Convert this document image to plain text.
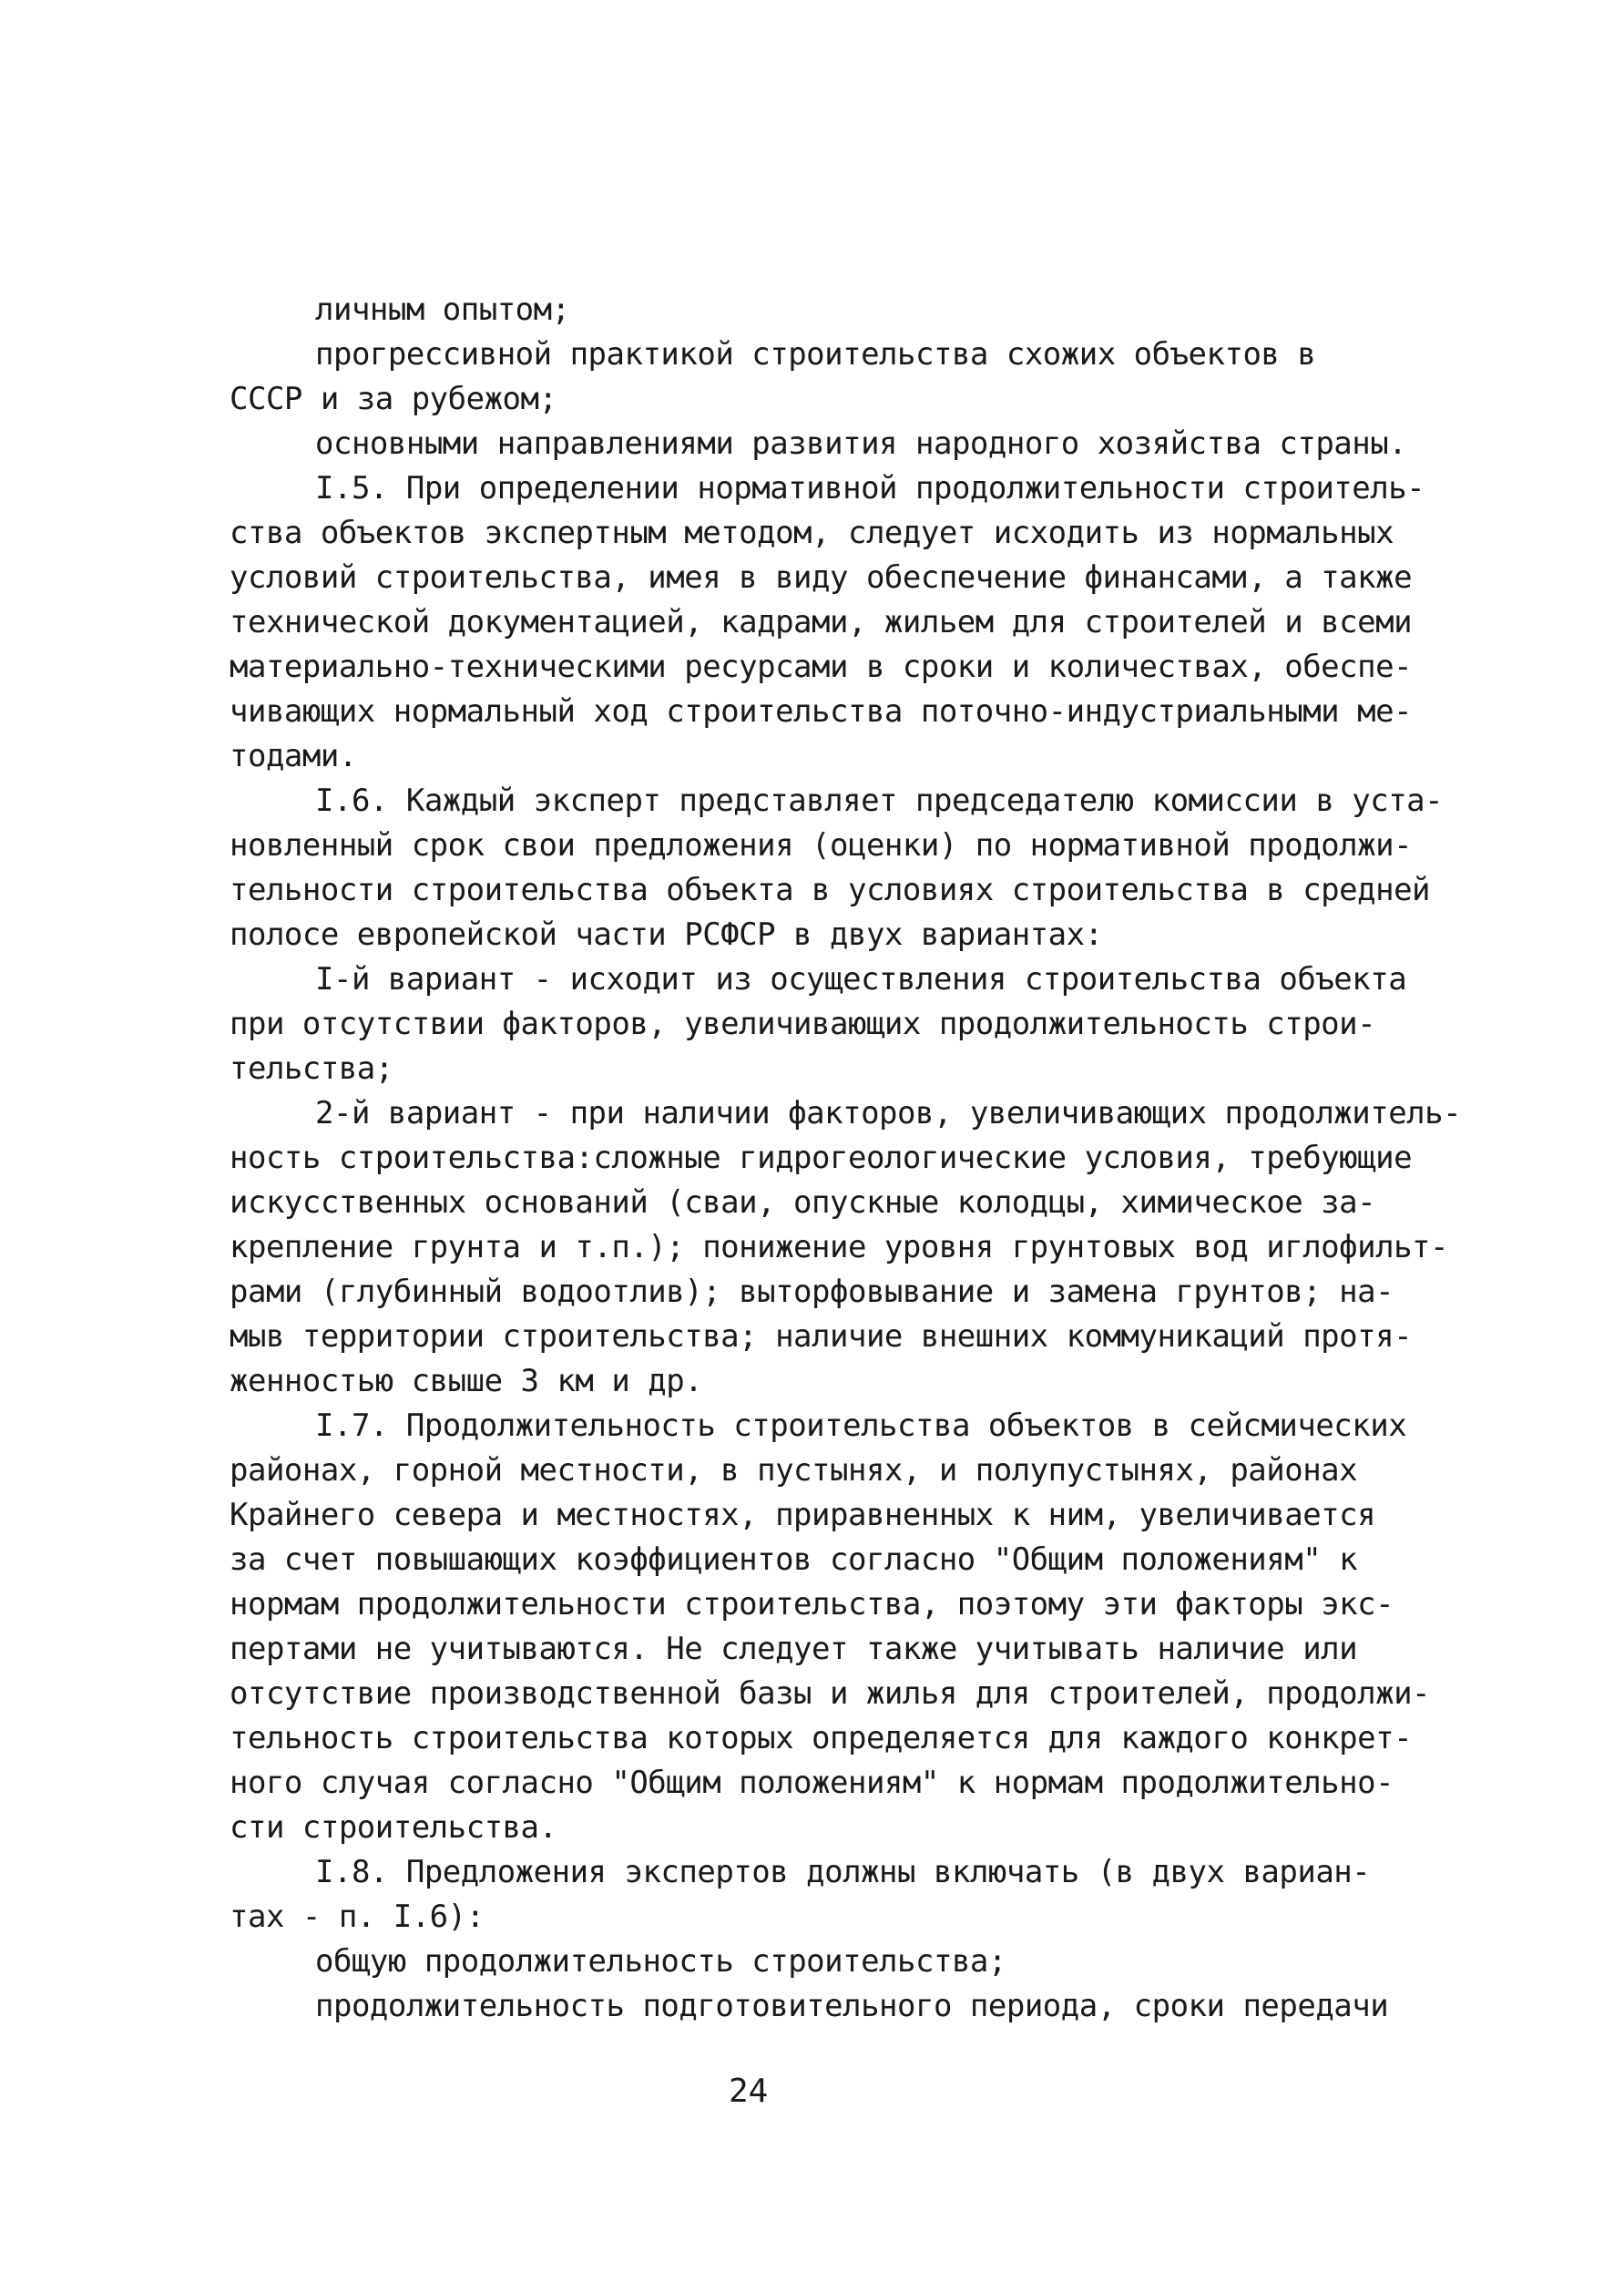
личным опытом;
прогрессивной практикой строительства схожих объектов в
СССР и за рубежом;
основными направлениями развития народного хозяйства страны.
I.5. При определении нормативной продолжительности строитель-
ства объектов экспертным методом, следует исходить из нормальных
условий строительства, имея в виду обеспечение финансами, а также
технической документацией, кадрами, жильем для строителей и всеми
материально-техническими ресурсами в сроки и количествах, обеспе-
чивающих нормальный ход строительства поточно-индустриальными ме-
тодами.
I.6. Каждый эксперт представляет председателю комиссии в уста-
новленный срок свои предложения (оценки) по нормативной продолжи-
тельности строительства объекта в условиях строительства в средней
полосе европейской части РСФСР в двух вариантах:
I-й вариант - исходит из осуществления строительства объекта
при отсутствии факторов, увеличивающих продолжительность строи-
тельства;
2-й вариант - при наличии факторов, увеличивающих продолжитель-
ность строительства:сложные гидрогеологические условия, требующие
искусственных оснований (сваи, опускные колодцы, химическое за-
крепление грунта и т.п.); понижение уровня грунтовых вод иглофильт-
рами (глубинный водоотлив); выторфовывание и замена грунтов; на-
мыв территории строительства; наличие внешних коммуникаций протя-
женностью свыше 3 км и др.
I.7. Продолжительность строительства объектов в сейсмических
районах, горной местности, в пустынях, и полупустынях, районах
Крайнего севера и местностях, приравненных к ним, увеличивается
за счет повышающих коэффициентов согласно "Общим положениям" к
нормам продолжительности строительства, поэтому эти факторы экс-
пертами не учитываются. Не следует также учитывать наличие или
отсутствие производственной базы и жилья для строителей, продолжи-
тельность строительства которых определяется для каждого конкрет-
ного случая согласно "Общим положениям" к нормам продолжительно-
сти строительства.
I.8. Предложения экспертов должны включать (в двух вариан-
тах - п. I.6):
общую продолжительность строительства;
продолжительность подготовительного периода, сроки передачи
24
